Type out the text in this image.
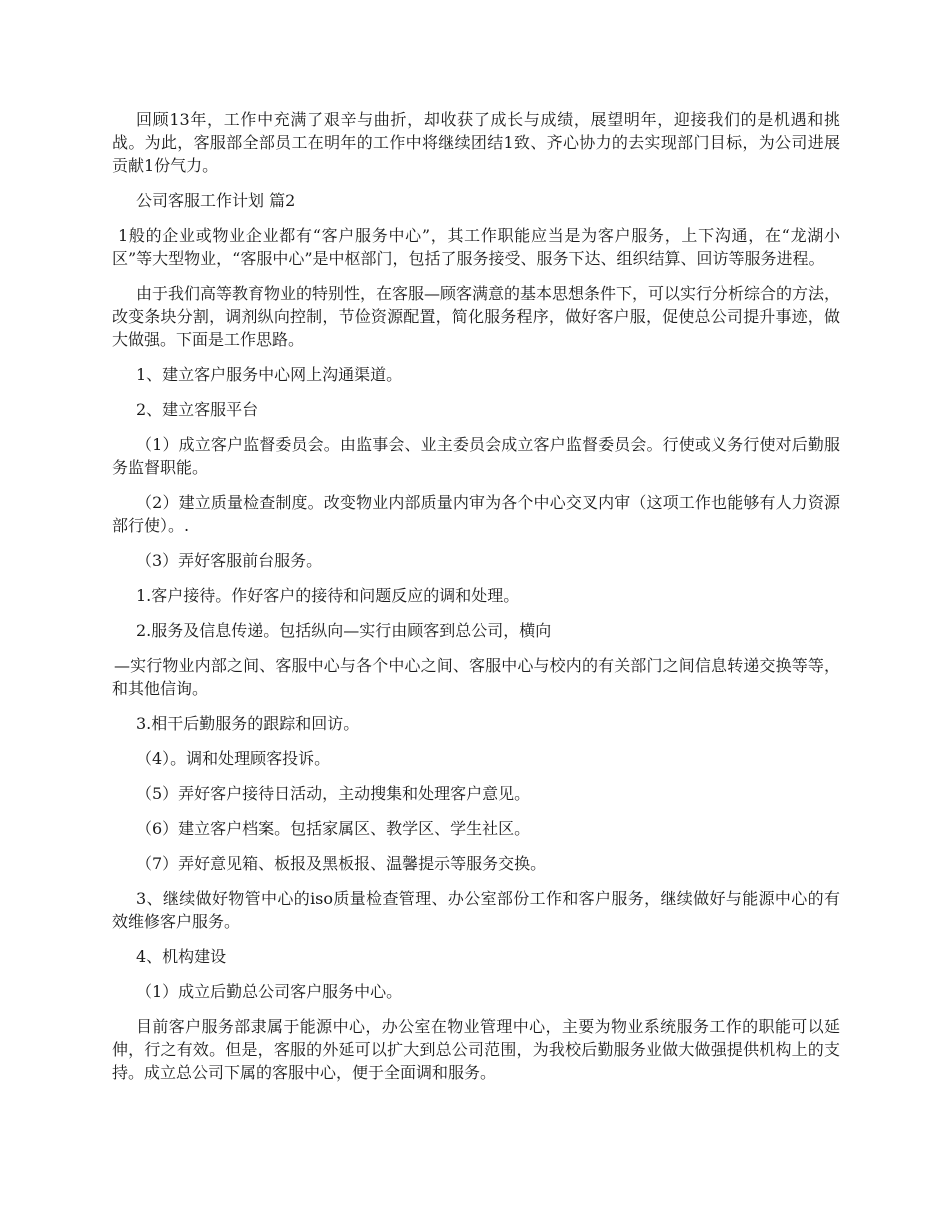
回顾13年，工作中充满了艰辛与曲折，却收获了成长与成绩，展望明年，迎接我们的是机遇和挑战。为此，客服部全部员工在明年的工作中将继续团结1致、齐心协力的去实现部门目标，为公司进展贡献1份气力。

公司客服工作计划 篇2

1般的企业或物业企业都有“客户服务中心”，其工作职能应当是为客户服务，上下沟通，在“龙湖小区”等大型物业，“客服中心”是中枢部门，包括了服务接受、服务下达、组织结算、回访等服务进程。

由于我们高等教育物业的特别性，在客服—顾客满意的基本思想条件下，可以实行分析综合的方法，改变条块分割，调剂纵向控制，节俭资源配置，简化服务程序，做好客户服，促使总公司提升事迹，做大做强。下面是工作思路。

1、建立客户服务中心网上沟通渠道。

2、建立客服平台

（1）成立客户监督委员会。由监事会、业主委员会成立客户监督委员会。行使或义务行使对后勤服务监督职能。

（2）建立质量检查制度。改变物业内部质量内审为各个中心交叉内审（这项工作也能够有人力资源部行使）。.

（3）弄好客服前台服务。

1.客户接待。作好客户的接待和问题反应的调和处理。

2.服务及信息传递。包括纵向—实行由顾客到总公司，横向

—实行物业内部之间、客服中心与各个中心之间、客服中心与校内的有关部门之间信息转递交换等等，和其他信询。

3.相干后勤服务的跟踪和回访。

（4）。调和处理顾客投诉。

（5）弄好客户接待日活动，主动搜集和处理客户意见。

（6）建立客户档案。包括家属区、教学区、学生社区。

（7）弄好意见箱、板报及黑板报、温馨提示等服务交换。

3、继续做好物管中心的iso质量检查管理、办公室部份工作和客户服务，继续做好与能源中心的有效维修客户服务。

4、机构建设

（1）成立后勤总公司客户服务中心。

目前客户服务部隶属于能源中心，办公室在物业管理中心，主要为物业系统服务工作的职能可以延伸，行之有效。但是，客服的外延可以扩大到总公司范围，为我校后勤服务业做大做强提供机构上的支持。成立总公司下属的客服中心，便于全面调和服务。
